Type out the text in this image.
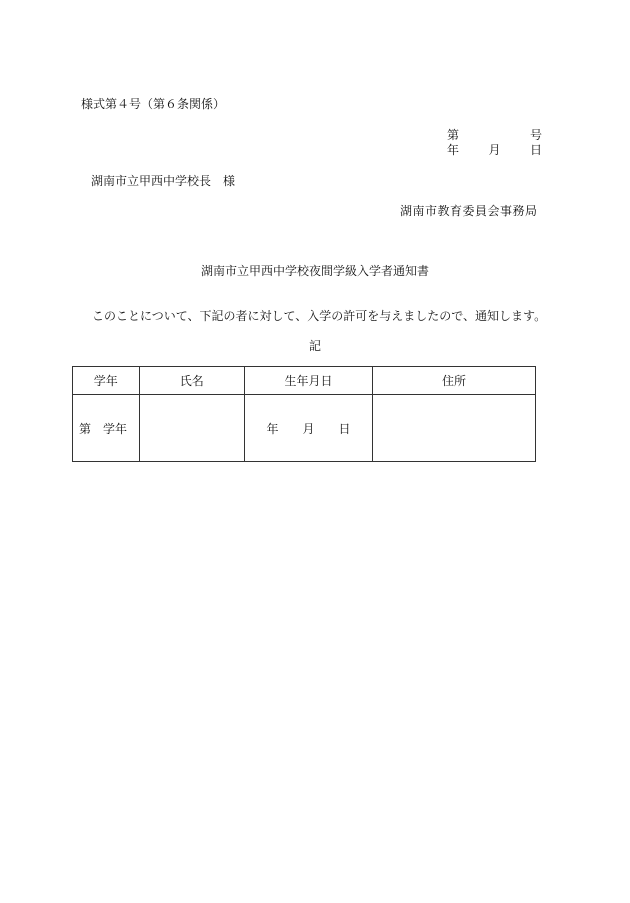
様式第４号（第６条関係）
第	号
年 月 日
湖南市立甲西中学校長 様
湖南市教育委員会事務局
湖南市立甲西中学校夜間学級入学者通知書
このことについて、下記の者に対して、入学の許可を与えましたので、通知します。
記
学年	氏名	生年月日	住所
第 学年		年 月 日	
